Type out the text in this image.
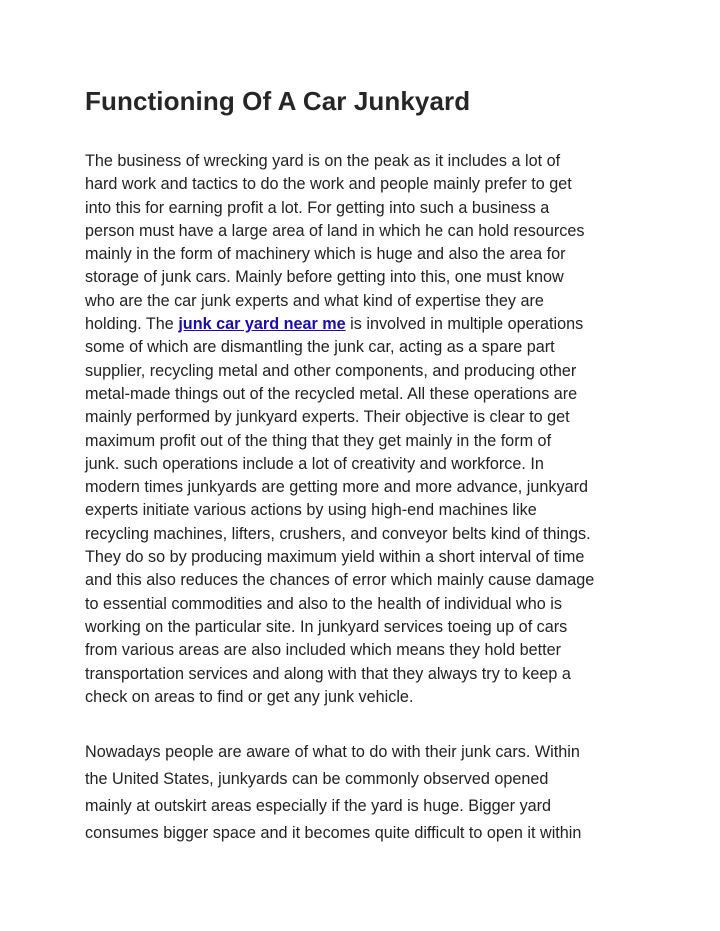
Functioning Of A Car Junkyard
The business of wrecking yard is on the peak as it includes a lot of
hard work and tactics to do the work and people mainly prefer to get
into this for earning profit a lot. For getting into such a business a
person must have a large area of land in which he can hold resources
mainly in the form of machinery which is huge and also the area for
storage of junk cars. Mainly before getting into this, one must know
who are the car junk experts and what kind of expertise they are
holding. The junk car yard near me is involved in multiple operations
some of which are dismantling the junk car, acting as a spare part
supplier, recycling metal and other components, and producing other
metal-made things out of the recycled metal. All these operations are
mainly performed by junkyard experts. Their objective is clear to get
maximum profit out of the thing that they get mainly in the form of
junk. such operations include a lot of creativity and workforce. In
modern times junkyards are getting more and more advance, junkyard
experts initiate various actions by using high-end machines like
recycling machines, lifters, crushers, and conveyor belts kind of things.
They do so by producing maximum yield within a short interval of time
and this also reduces the chances of error which mainly cause damage
to essential commodities and also to the health of individual who is
working on the particular site. In junkyard services toeing up of cars
from various areas are also included which means they hold better
transportation services and along with that they always try to keep a
check on areas to find or get any junk vehicle.
Nowadays people are aware of what to do with their junk cars. Within
the United States, junkyards can be commonly observed opened
mainly at outskirt areas especially if the yard is huge. Bigger yard
consumes bigger space and it becomes quite difficult to open it within
